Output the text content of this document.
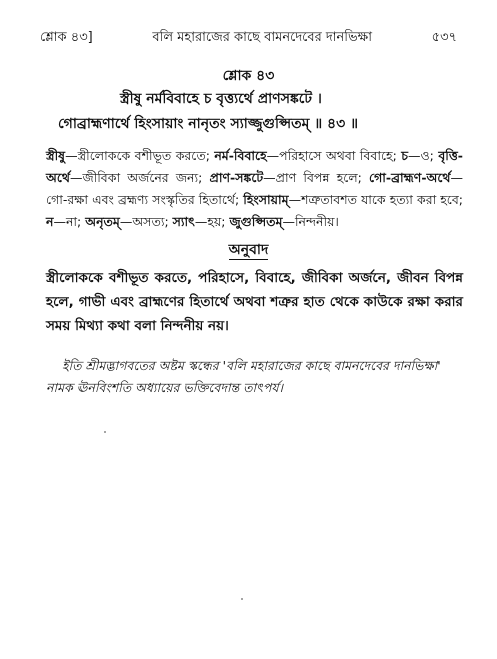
শ্লোক ৪৩]	বলি মহারাজের কাছে বামনদেবের দানভিক্ষা	৫৩৭
শ্লোক ৪৩
স্ত্রীষু নর্মবিবাহে চ বৃত্ত্যর্থে প্রাণসঙ্কটে ।
গোব্রাহ্মণার্থে হিংসায়াং নানৃতং স্যাজ্জুগুপ্সিতম্ ॥ ৪৩ ॥
স্ত্রীষু—স্ত্রীলোককে বশীভূত করতে; নর্ম-বিবাহে—পরিহাসে অথবা বিবাহে; চ—ও; বৃত্তি-অর্থে—জীবিকা অর্জনের জন্য; প্রাণ-সঙ্কটে—প্রাণ বিপন্ন হলে; গো-ব্রাহ্মণ-অর্থে—গো-রক্ষা এবং ব্রহ্মণ্য সংস্কৃতির হিতার্থে; হিংসায়াম্—শত্রুতাবশত যাকে হত্যা করা হবে; ন—না; অনৃতম্—অসত্য; স্যাৎ—হয়; জুগুপ্সিতম্—নিন্দনীয়।
অনুবাদ
স্ত্রীলোককে বশীভূত করতে, পরিহাসে, বিবাহে, জীবিকা অর্জনে, জীবন বিপন্ন হলে, গাভী এবং ব্রাহ্মণের হিতার্থে অথবা শত্রুর হাত থেকে কাউকে রক্ষা করার সময় মিথ্যা কথা বলা নিন্দনীয় নয়।
ইতি শ্রীমদ্ভাগবতের অষ্টম স্কন্ধের 'বলি মহারাজের কাছে বামনদেবের দানভিক্ষা' নামক ঊনবিংশতি অধ্যায়ের ভক্তিবেদান্ত তাৎপর্য।
